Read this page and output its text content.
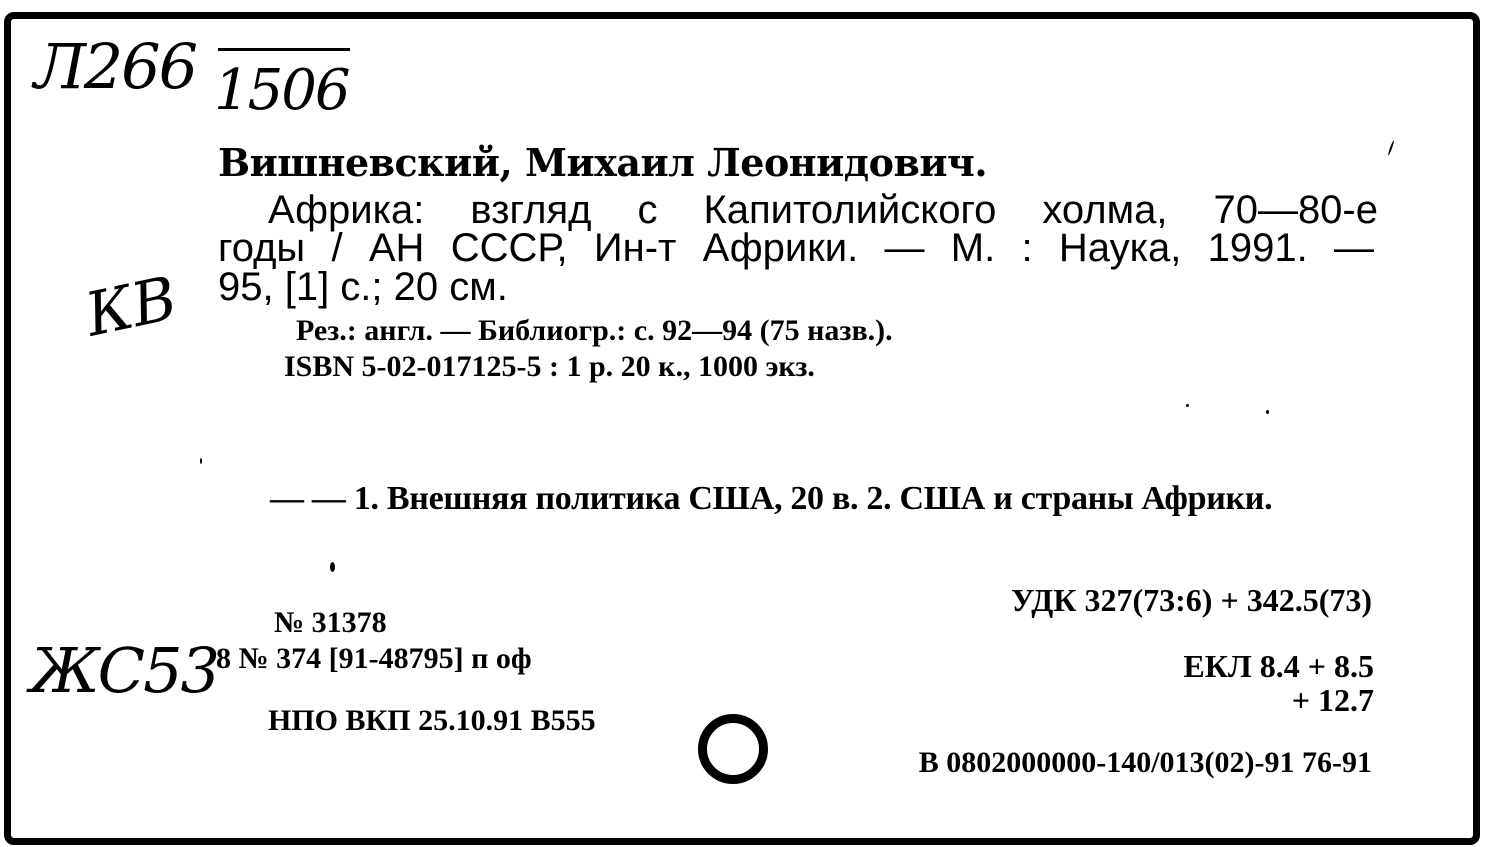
Л266 1506
КВ
ЖС53
Вишневский, Михаил Леонидович.
Африка: взгляд с Капитолийского холма, 70—80-е
годы / АН СССР, Ин-т Африки. — М. : Наука, 1991. —
95, [1] с.; 20 см.
Рез.: англ. — Библиогр.: с. 92—94 (75 назв.).
ISBN 5-02-017125-5 : 1 р. 20 к., 1000 экз.
— — 1. Внешняя политика США, 20 в. 2. США и страны Африки.
УДК 327(73:6) + 342.5(73)
№ 31378
8 № 374 [91-48795] п оф	ЕКЛ 8.4 + 8.5
+ 12.7
НПО ВКП 25.10.91 В555
В 0802000000-140/013(02)-91 76-91
